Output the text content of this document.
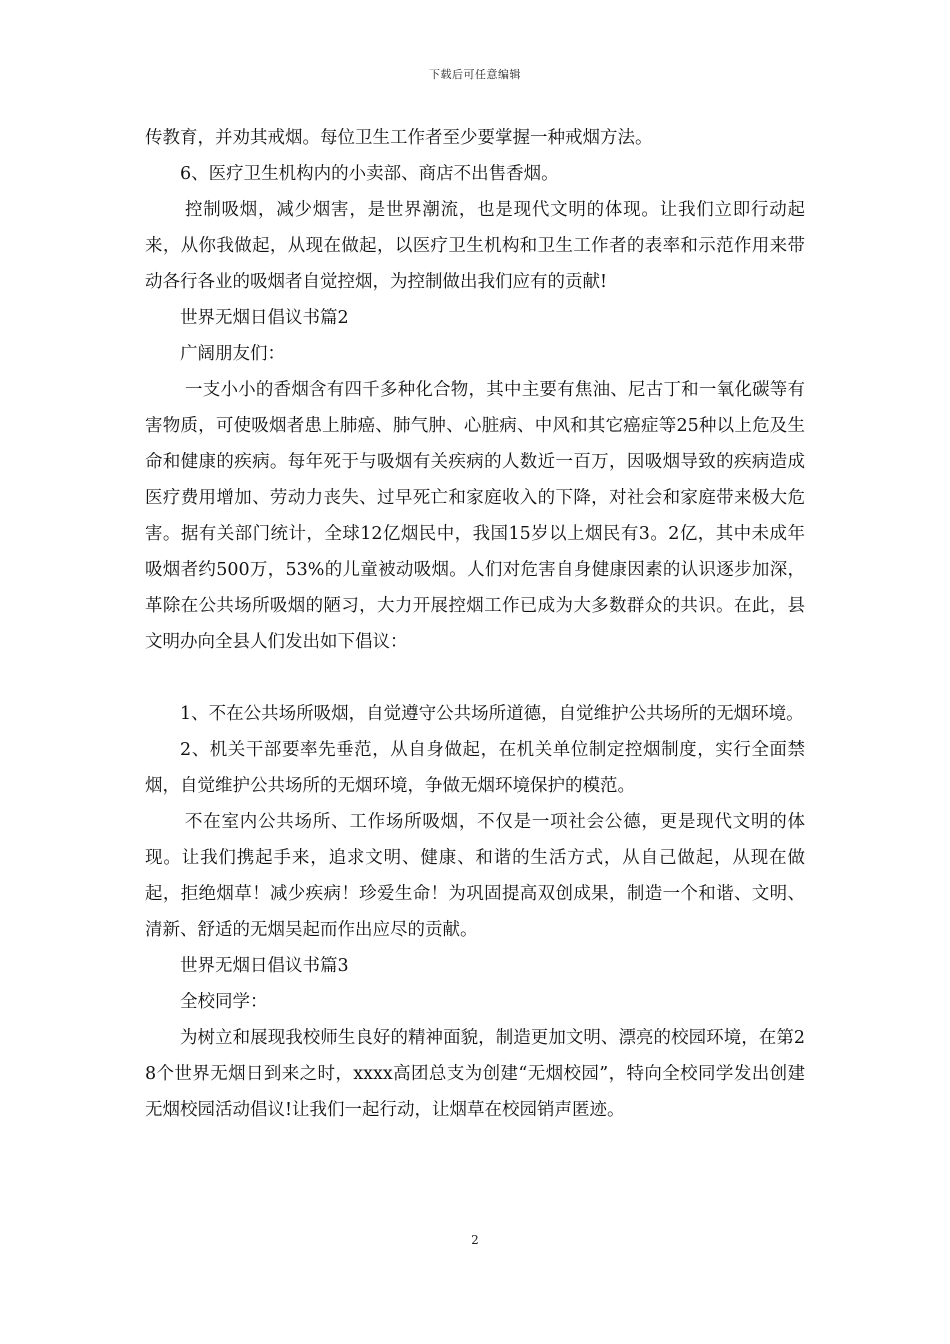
下载后可任意编辑

传教育，并劝其戒烟。每位卫生工作者至少要掌握一种戒烟方法。

6、医疗卫生机构内的小卖部、商店不出售香烟。

控制吸烟，减少烟害，是世界潮流，也是现代文明的体现。让我们立即行动起来，从你我做起，从现在做起，以医疗卫生机构和卫生工作者的表率和示范作用来带动各行各业的吸烟者自觉控烟，为控制做出我们应有的贡献!

世界无烟日倡议书篇2

广阔朋友们：

一支小小的香烟含有四千多种化合物，其中主要有焦油、尼古丁和一氧化碳等有害物质，可使吸烟者患上肺癌、肺气肿、心脏病、中风和其它癌症等25种以上危及生命和健康的疾病。每年死于与吸烟有关疾病的人数近一百万，因吸烟导致的疾病造成医疗费用增加、劳动力丧失、过早死亡和家庭收入的下降，对社会和家庭带来极大危害。据有关部门统计，全球12亿烟民中，我国15岁以上烟民有3。2亿，其中未成年吸烟者约500万，53%的儿童被动吸烟。人们对危害自身健康因素的认识逐步加深，革除在公共场所吸烟的陋习，大力开展控烟工作已成为大多数群众的共识。在此，县文明办向全县人们发出如下倡议：

1、不在公共场所吸烟，自觉遵守公共场所道德，自觉维护公共场所的无烟环境。

2、机关干部要率先垂范，从自身做起，在机关单位制定控烟制度，实行全面禁烟，自觉维护公共场所的无烟环境，争做无烟环境保护的模范。

不在室内公共场所、工作场所吸烟，不仅是一项社会公德，更是现代文明的体现。让我们携起手来，追求文明、健康、和谐的生活方式，从自己做起，从现在做起，拒绝烟草！减少疾病！珍爱生命！为巩固提高双创成果，制造一个和谐、文明、清新、舒适的无烟吴起而作出应尽的贡献。

世界无烟日倡议书篇3

全校同学：

为树立和展现我校师生良好的精神面貌，制造更加文明、漂亮的校园环境，在第28个世界无烟日到来之时，xxxx高团总支为创建“无烟校园”，特向全校同学发出创建无烟校园活动倡议!让我们一起行动，让烟草在校园销声匿迹。

2
